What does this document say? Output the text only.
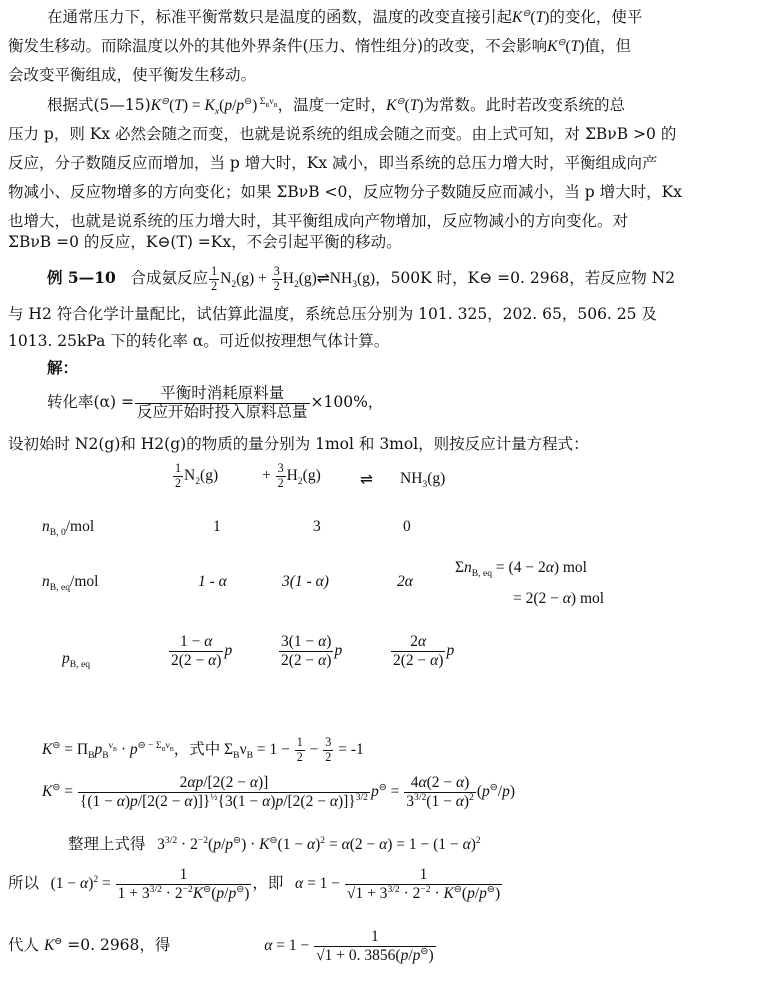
在通常压力下，标准平衡常数只是温度的函数，温度的改变直接引起K⊖(T)的变化，使平
衡发生移动。而除温度以外的其他外界条件(压力、惰性组分)的改变，不会影响K⊖(T)值，但
会改变平衡组成，使平衡发生移动。
根据式(5—15)K⊖(T) = $K_x(p/p^⊖)$ $^{\Sigma_B\nu_B}$，温度一定时，K⊖(T)为常数。此时若改变系统的总
压力 p，则 Kx 必然会随之而变，也就是说系统的组成会随之而变。由上式可知，对 ΣBνB >0 的
反应，分子数随反应而增加，当 p 增大时，Kx 减小，即当系统的总压力增大时，平衡组成向产
物减小、反应物增多的方向变化；如果 ΣBνB <0，反应物分子数随反应而减小，当 p 增大时，Kx
也增大，也就是说系统的压力增大时，其平衡组成向产物增加，反应物减小的方向变化。对
ΣBνB =0 的反应，K⊖(T) =Kx，不会引起平衡的移动。
例 5—10 合成氨反应 $\frac{1}{2} N_2(g) + \frac{3}{2}$ $H_2(g)\rightleftharpoons NH_3(g)$，500K 时，K⊖ =0. 2968，若反应物 N2
与 H2 符合化学计量配比，试估算此温度，系统总压分别为 101. 325，202. 65，506. 25 及
1013. 25kPa 下的转化率 α。可近似按理想气体计算。
解：
转化率$(\alpha) = \frac{\text{平衡时消耗原料量}}{\text{反应开始时投入原料总量}} \times 100\%$，
设初始时 N2(g)和 H2(g)的物质的量分别为 1mol 和 3mol，则按反应计量方程式：
$\frac{1}{2} N_2(g)$	+ $\frac{3}{2} H_2(g)$	⇌ $NH_3(g)$
$n_{B, 0}$/mol	1	3	0
$n_{B, eq}$/mol	1 - α	3(1 - α)	2α
$\Sigma n_{B, eq} = (4 - 2\alpha)$ mol
= 2(2 − α) mol
$p_{B, eq}$	$\frac{1 - \alpha}{2(2 - \alpha)}$ p	$\frac{3(1 - \alpha)}{2(2 - \alpha)}$ p	$\frac{2\alpha}{2(2 - \alpha)}$ p
$K^⊖ = \Pi_Bp_B^{\nu_B} \cdot p^{⊖ - \Sigma_B\nu_B}$，式中 $\Sigma_B\nu_B = 1 - \frac{1}{2} - \frac{3}{2} = -1$
$K^⊖ = \frac{2\alpha p/[2(2 - \alpha)]}{\{(1 - \alpha)p/[2(2 - \alpha)]\}^{\frac{1}{2}}\{3(1 - \alpha)p/[2(2 - \alpha)]\}^{3/2}} p^⊖ = \frac{4\alpha(2 - \alpha)}{3^{3/2}(1 - \alpha)^2} (p^⊖/p)$
整理上式得   $3^{3/2} \cdot 2^{-2}(p/p^⊖) \cdot K^⊖(1 - \alpha)^2 = \alpha(2 - \alpha) = 1 - (1 - \alpha)^2$
所以   $(1 - \alpha)^2 = \frac{1}{1 + 3^{3/2} \cdot 2^{-2}K^⊖(p/p^⊖)}$ ，即 $\alpha = 1 - \frac{1}{√1 + 3^{3/2} \cdot 2^{-2} \cdot K^⊖(p/p^⊖)}$
代人 K⊖ =0. 2968，得	$\alpha = 1 - \frac{1}{√1 + 0. 3856(p/p^⊖)}$
